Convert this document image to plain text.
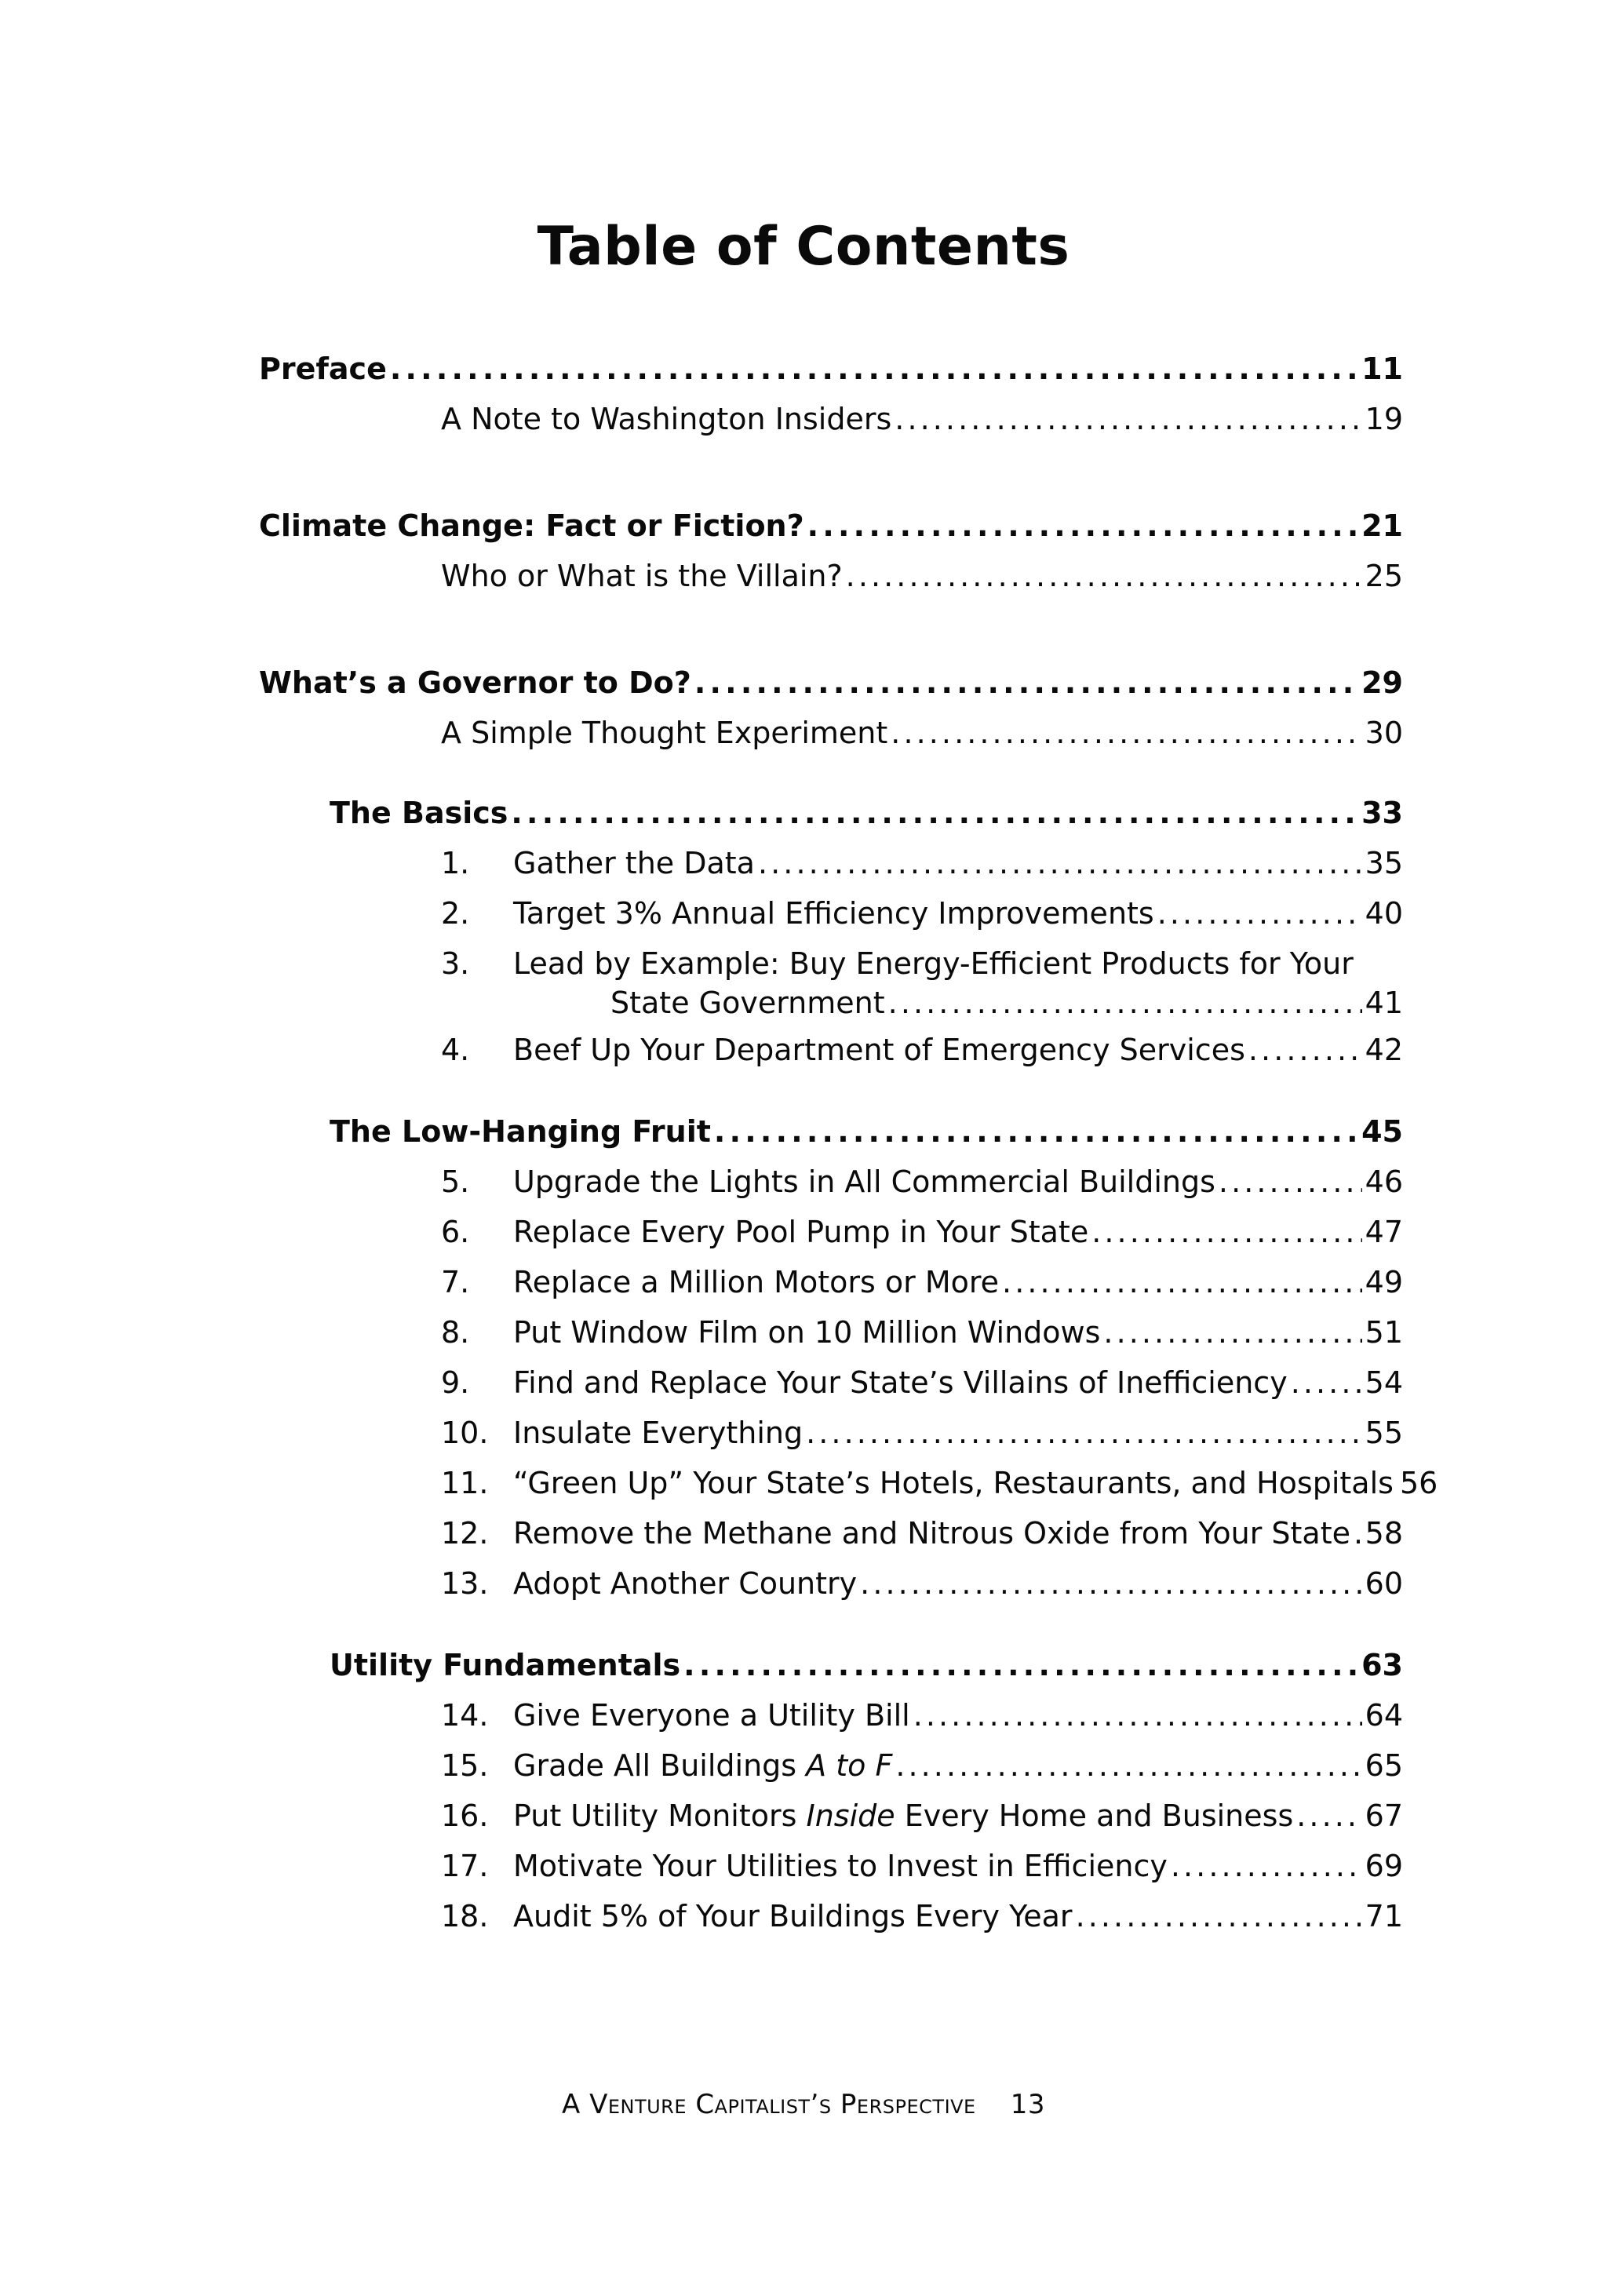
Table of Contents
Preface . . .	11
A Note to Washington Insiders . . .	19
Climate Change: Fact or Fiction? . . .	21
Who or What is the Villain? . . .	25
What’s a Governor to Do? . . .	29
A Simple Thought Experiment . . .	30
The Basics . . .	33
1.	Gather the Data . . .	35
2.	Target 3% Annual Efficiency Improvements . . .	40
3.	Lead by Example: Buy Energy-Efficient Products for Your
State Government . . .	41
4.	Beef Up Your Department of Emergency Services . . .	42
The Low-Hanging Fruit . . .	45
5.	Upgrade the Lights in All Commercial Buildings . . .	46
6.	Replace Every Pool Pump in Your State . . .	47
7.	Replace a Million Motors or More . . .	49
8.	Put Window Film on 10 Million Windows . . .	51
9.	Find and Replace Your State’s Villains of Inefficiency . . .	54
10. Insulate Everything . . .	55
11. “Green Up” Your State’s Hotels, Restaurants, and Hospitals 56
12. Remove the Methane and Nitrous Oxide from Your State . . . 58
13. Adopt Another Country . . .	60
Utility Fundamentals . . .	63
14. Give Everyone a Utility Bill . . .	64
15. Grade All Buildings A to F . . .	65
16. Put Utility Monitors Inside Every Home and Business . . . 67
17. Motivate Your Utilities to Invest in Efficiency . . .	69
18. Audit 5% of Your Buildings Every Year . . .	71
A Venture Capitalist’s Perspective 13
